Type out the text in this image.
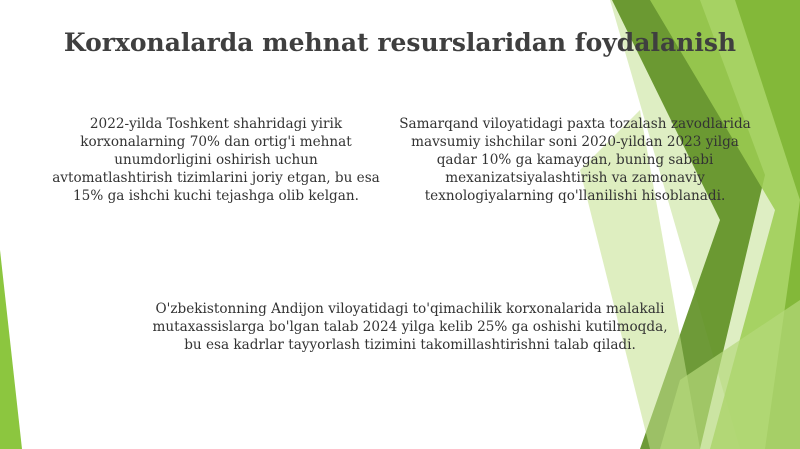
Korxonalarda mehnat resurslaridan foydalanish
2022-yilda Toshkent shahridagi yirik korxonalarning 70% dan ortig'i mehnat unumdorligini oshirish uchun avtomatlashtirish tizimlarini joriy etgan, bu esa 15% ga ishchi kuchi tejashga olib kelgan.
Samarqand viloyatidagi paxta tozalash zavodlarida mavsumiy ishchilar soni 2020-yildan 2023 yilga qadar 10% ga kamaygan, buning sababi mexanizatsiyalashtirish va zamonaviy texnologiyalarning qo'llanilishi hisoblanadi.
O'zbekistonning Andijon viloyatidagi to'qimachilik korxonalarida malakali mutaxassislarga bo'lgan talab 2024 yilga kelib 25% ga oshishi kutilmoqda, bu esa kadrlar tayyorlash tizimini takomillashtirishni talab qiladi.
